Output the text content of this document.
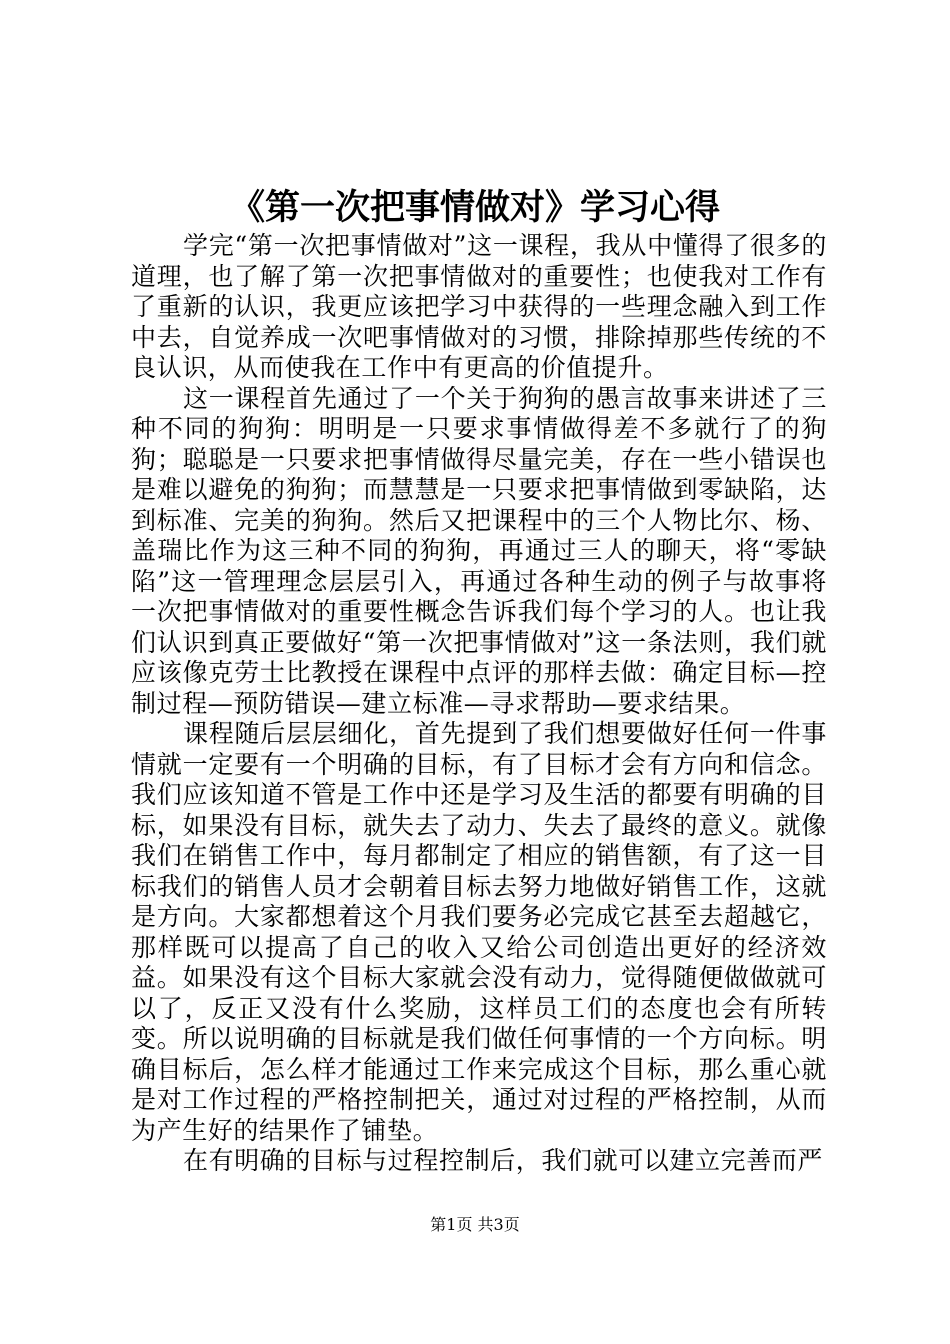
《第一次把事情做对》学习心得

学完“第一次把事情做对”这一课程，我从中懂得了很多的道理，也了解了第一次把事情做对的重要性；也使我对工作有了重新的认识，我更应该把学习中获得的一些理念融入到工作中去，自觉养成一次吧事情做对的习惯，排除掉那些传统的不良认识，从而使我在工作中有更高的价值提升。

这一课程首先通过了一个关于狗狗的愚言故事来讲述了三种不同的狗狗：明明是一只要求事情做得差不多就行了的狗狗；聪聪是一只要求把事情做得尽量完美，存在一些小错误也是难以避免的狗狗；而慧慧是一只要求把事情做到零缺陷，达到标准、完美的狗狗。然后又把课程中的三个人物比尔、杨、盖瑞比作为这三种不同的狗狗，再通过三人的聊天，将“零缺陷”这一管理理念层层引入，再通过各种生动的例子与故事将一次把事情做对的重要性概念告诉我们每个学习的人。也让我们认识到真正要做好“第一次把事情做对”这一条法则，我们就应该像克劳士比教授在课程中点评的那样去做：确定目标—控制过程—预防错误—建立标准—寻求帮助—要求结果。

课程随后层层细化，首先提到了我们想要做好任何一件事情就一定要有一个明确的目标，有了目标才会有方向和信念。我们应该知道不管是工作中还是学习及生活的都要有明确的目标，如果没有目标，就失去了动力、失去了最终的意义。就像我们在销售工作中，每月都制定了相应的销售额，有了这一目标我们的销售人员才会朝着目标去努力地做好销售工作，这就是方向。大家都想着这个月我们要务必完成它甚至去超越它，那样既可以提高了自己的收入又给公司创造出更好的经济效益。如果没有这个目标大家就会没有动力，觉得随便做做就可以了，反正又没有什么奖励，这样员工们的态度也会有所转变。所以说明确的目标就是我们做任何事情的一个方向标。明确目标后，怎么样才能通过工作来完成这个目标，那么重心就是对工作过程的严格控制把关，通过对过程的严格控制，从而为产生好的结果作了铺垫。

在有明确的目标与过程控制后，我们就可以建立完善而严

第1页 共3页
